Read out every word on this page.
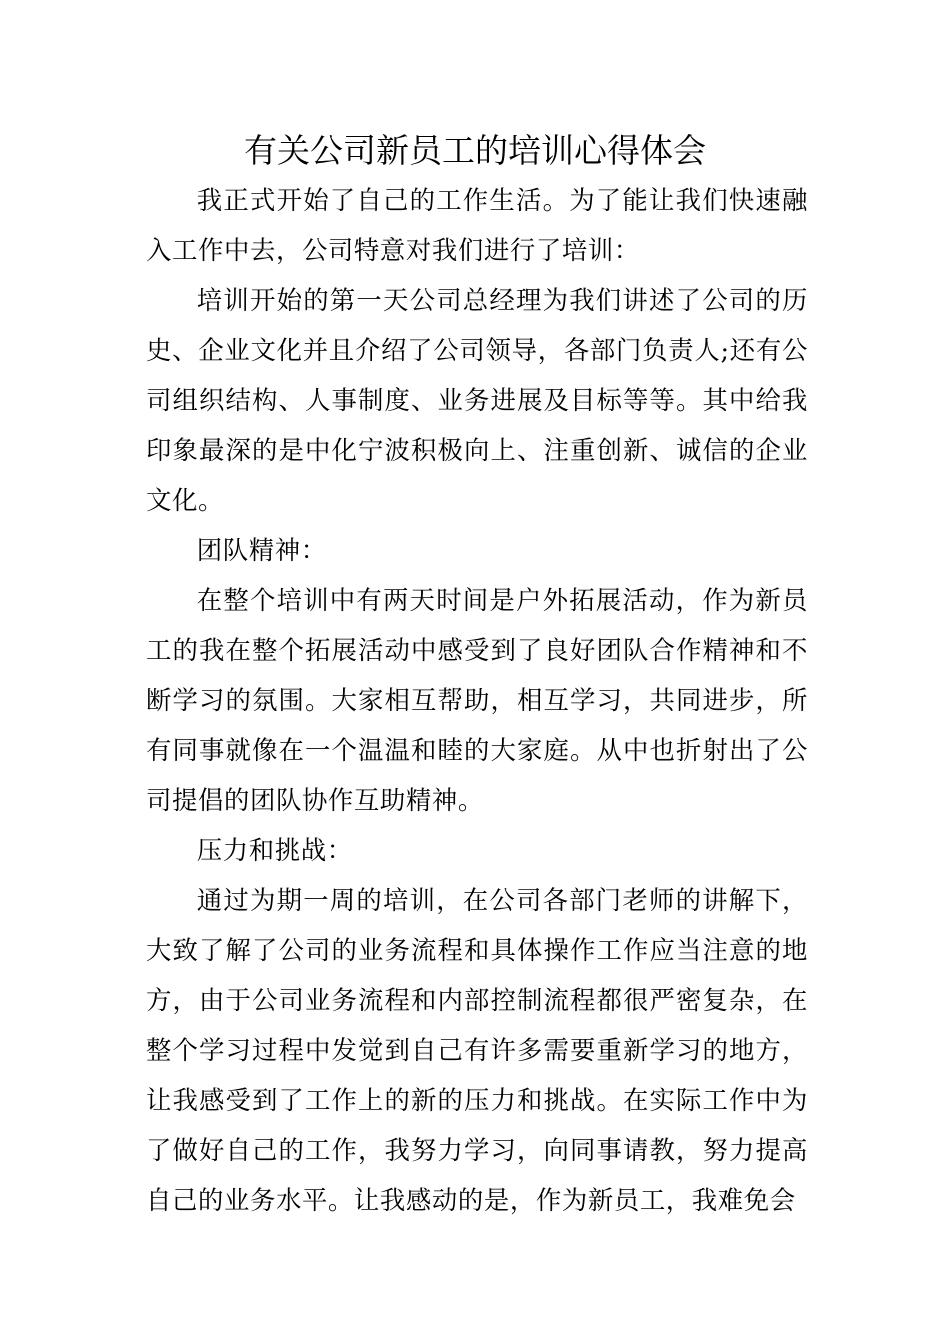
有关公司新员工的培训心得体会

我正式开始了自己的工作生活。为了能让我们快速融入工作中去，公司特意对我们进行了培训：

培训开始的第一天公司总经理为我们讲述了公司的历史、企业文化并且介绍了公司领导，各部门负责人;还有公司组织结构、人事制度、业务进展及目标等等。其中给我印象最深的是中化宁波积极向上、注重创新、诚信的企业文化。

团队精神：

在整个培训中有两天时间是户外拓展活动，作为新员工的我在整个拓展活动中感受到了良好团队合作精神和不断学习的氛围。大家相互帮助，相互学习，共同进步，所有同事就像在一个温温和睦的大家庭。从中也折射出了公司提倡的团队协作互助精神。

压力和挑战：

通过为期一周的培训，在公司各部门老师的讲解下，大致了解了公司的业务流程和具体操作工作应当注意的地方，由于公司业务流程和内部控制流程都很严密复杂，在整个学习过程中发觉到自己有许多需要重新学习的地方，让我感受到了工作上的新的压力和挑战。在实际工作中为了做好自己的工作，我努力学习，向同事请教，努力提高自己的业务水平。让我感动的是，作为新员工，我难免会
